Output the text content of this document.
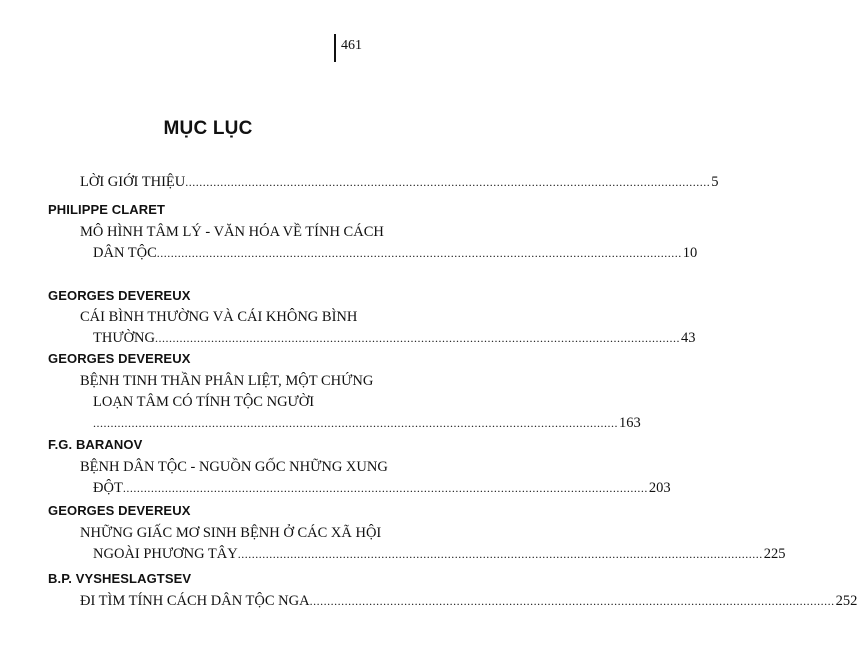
461
MỤC LỤC
LỜI GIỚI THIỆU ...................................................................................................................................................... 5
PHILIPPE CLARET
MÔ HÌNH TÂM LÝ - VĂN HÓA VỀ TÍNH CÁCH
DÂN TỘC ...................................................................................................................................................... 10
GEORGES DEVEREUX
CÁI BÌNH THƯỜNG VÀ CÁI KHÔNG BÌNH
THƯỜNG ...................................................................................................................................................... 43
GEORGES DEVEREUX
BỆNH TINH THẦN PHÂN LIỆT, MỘT CHỨNG
LOẠN TÂM CÓ TÍNH TỘC NGƯỜI
...................................................................................................................................................... 163
F.G. BARANOV
BỆNH DÂN TỘC - NGUỒN GỐC NHỮNG XUNG
ĐỘT ...................................................................................................................................................... 203
GEORGES DEVEREUX
NHỮNG GIẤC MƠ SINH BỆNH Ở CÁC XÃ HỘI
NGOÀI PHƯƠNG TÂY ...................................................................................................................................................... 225
B.P. VYSHESLAGTSEV
ĐI TÌM TÍNH CÁCH DÂN TỘC NGA ...................................................................................................................................................... 252
